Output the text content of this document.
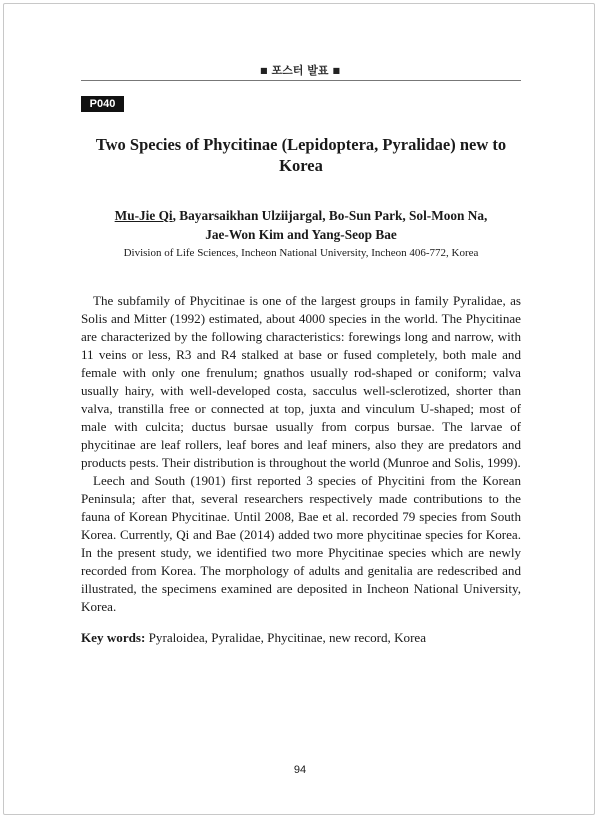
■ 포스터 발표 ■
P040
Two Species of Phycitinae (Lepidoptera, Pyralidae) new to Korea
Mu-Jie Qi, Bayarsaikhan Ulziijargal, Bo-Sun Park, Sol-Moon Na,
Jae-Won Kim and Yang-Seop Bae
Division of Life Sciences, Incheon National University, Incheon 406-772, Korea

The subfamily of Phycitinae is one of the largest groups in family Pyralidae, as Solis and Mitter (1992) estimated, about 4000 species in the world. The Phycitinae are characterized by the following characteristics: forewings long and narrow, with 11 veins or less, R3 and R4 stalked at base or fused completely, both male and female with only one frenulum; gnathos usually rod-shaped or coniform; valva usually hairy, with well-developed costa, sacculus well-sclerotized, shorter than valva, transtilla free or connected at top, juxta and vinculum U-shaped; most of male with culcita; ductus bursae usually from corpus bursae. The larvae of phycitinae are leaf rollers, leaf bores and leaf miners, also they are predators and products pests. Their distribution is throughout the world (Munroe and Solis, 1999).

Leech and South (1901) first reported 3 species of Phycitini from the Korean Peninsula; after that, several researchers respectively made contributions to the fauna of Korean Phycitinae. Until 2008, Bae et al. recorded 79 species from South Korea. Currently, Qi and Bae (2014) added two more phycitinae species for Korea. In the present study, we identified two more Phycitinae species which are newly recorded from Korea. The morphology of adults and genitalia are redescribed and illustrated, the specimens examined are deposited in Incheon National University, Korea.

Key words: Pyraloidea, Pyralidae, Phycitinae, new record, Korea
94
